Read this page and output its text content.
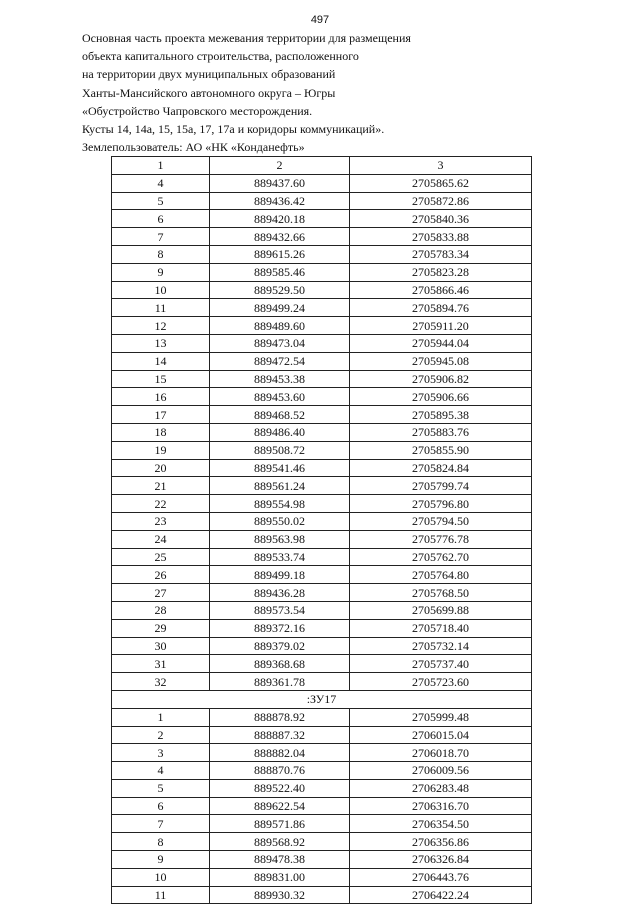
497
Основная часть проекта межевания территории для размещения
объекта капитального строительства, расположенного
на территории двух муниципальных образований
Ханты-Мансийского автономного округа – Югры
«Обустройство Чапровского месторождения.
Кусты 14, 14а, 15, 15а, 17, 17а и коридоры коммуникаций».
Землепользователь: АО «НК «Конданефть»
1	2	3
4	889437.60	2705865.62
5	889436.42	2705872.86
6	889420.18	2705840.36
7	889432.66	2705833.88
8	889615.26	2705783.34
9	889585.46	2705823.28
10	889529.50	2705866.46
11	889499.24	2705894.76
12	889489.60	2705911.20
13	889473.04	2705944.04
14	889472.54	2705945.08
15	889453.38	2705906.82
16	889453.60	2705906.66
17	889468.52	2705895.38
18	889486.40	2705883.76
19	889508.72	2705855.90
20	889541.46	2705824.84
21	889561.24	2705799.74
22	889554.98	2705796.80
23	889550.02	2705794.50
24	889563.98	2705776.78
25	889533.74	2705762.70
26	889499.18	2705764.80
27	889436.28	2705768.50
28	889573.54	2705699.88
29	889372.16	2705718.40
30	889379.02	2705732.14
31	889368.68	2705737.40
32	889361.78	2705723.60
:ЗУ17		
1	888878.92	2705999.48
2	888887.32	2706015.04
3	888882.04	2706018.70
4	888870.76	2706009.56
5	889522.40	2706283.48
6	889622.54	2706316.70
7	889571.86	2706354.50
8	889568.92	2706356.86
9	889478.38	2706326.84
10	889831.00	2706443.76
11	889930.32	2706422.24
